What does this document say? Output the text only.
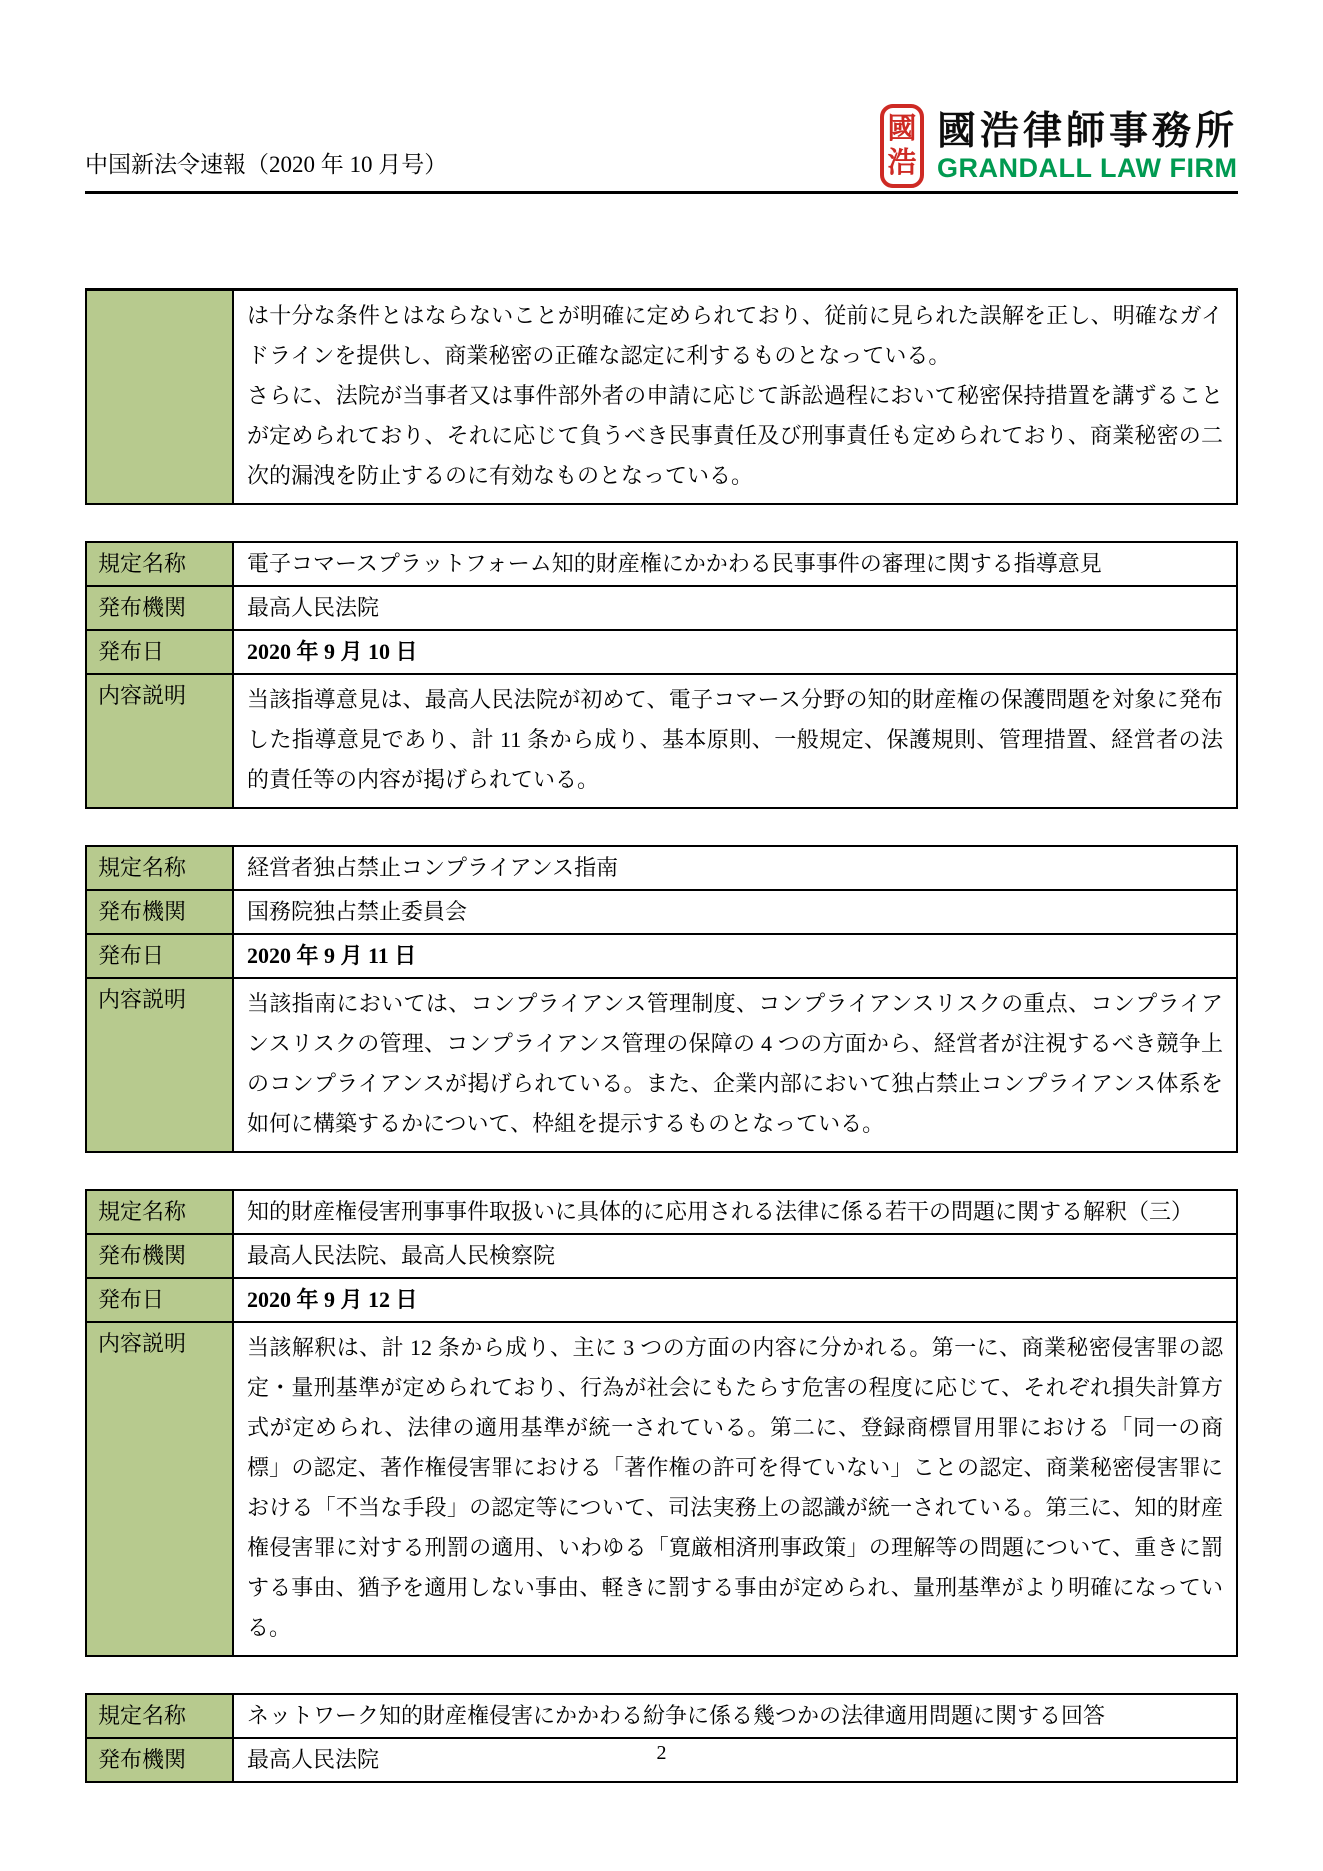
中国新法令速報（2020 年 10 月号）
國
浩
國浩律師事務所
GRANDALL LAW FIRM

は十分な条件とはならないことが明確に定められており、従前に見られた誤解を正し、明確なガイドラインを提供し、商業秘密の正確な認定に利するものとなっている。

さらに、法院が当事者又は事件部外者の申請に応じて訴訟過程において秘密保持措置を講ずることが定められており、それに応じて負うべき民事責任及び刑事責任も定められており、商業秘密の二次的漏洩を防止するのに有効なものとなっている。

規定名称	電子コマースプラットフォーム知的財産権にかかわる民事事件の審理に関する指導意見
発布機関	最高人民法院
発布日	2020 年 9 月 10 日
内容説明	当該指導意見は、最高人民法院が初めて、電子コマース分野の知的財産権の保護問題を対象に発布した指導意見であり、計 11 条から成り、基本原則、一般規定、保護規則、管理措置、経営者の法的責任等の内容が掲げられている。
規定名称	経営者独占禁止コンプライアンス指南
発布機関	国務院独占禁止委員会
発布日	2020 年 9 月 11 日
内容説明	当該指南においては、コンプライアンス管理制度、コンプライアンスリスクの重点、コンプライアンスリスクの管理、コンプライアンス管理の保障の 4 つの方面から、経営者が注視するべき競争上のコンプライアンスが掲げられている。また、企業内部において独占禁止コンプライアンス体系を如何に構築するかについて、枠組を提示するものとなっている。
規定名称	知的財産権侵害刑事事件取扱いに具体的に応用される法律に係る若干の問題に関する解釈（三）
発布機関	最高人民法院、最高人民検察院
発布日	2020 年 9 月 12 日
内容説明	当該解釈は、計 12 条から成り、主に 3 つの方面の内容に分かれる。第一に、商業秘密侵害罪の認定・量刑基準が定められており、行為が社会にもたらす危害の程度に応じて、それぞれ損失計算方式が定められ、法律の適用基準が統一されている。第二に、登録商標冒用罪における「同一の商標」の認定、著作権侵害罪における「著作権の許可を得ていない」ことの認定、商業秘密侵害罪における「不当な手段」の認定等について、司法実務上の認識が統一されている。第三に、知的財産権侵害罪に対する刑罰の適用、いわゆる「寛厳相済刑事政策」の理解等の問題について、重きに罰する事由、猶予を適用しない事由、軽きに罰する事由が定められ、量刑基準がより明確になっている。
規定名称	ネットワーク知的財産権侵害にかかわる紛争に係る幾つかの法律適用問題に関する回答
発布機関	最高人民法院	2
